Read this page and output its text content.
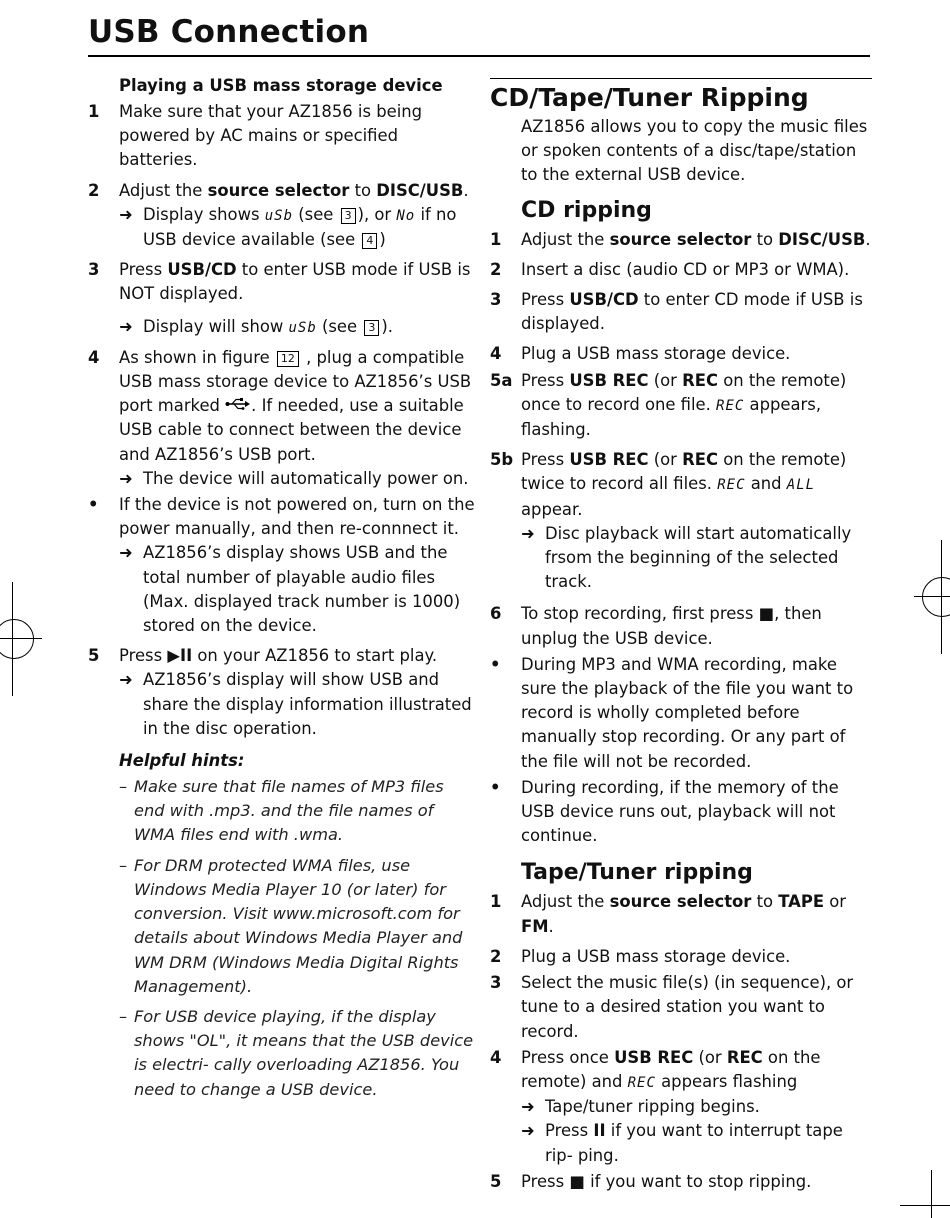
USB Connection
Playing a USB mass storage device
1	Make sure that your AZ1856 is being powered by AC mains or specified batteries.
2	Adjust the source selector to DISC/USB.
➜ Display shows uSb (see 3 ), or No if no USB device available (see 4 )
3	Press USB/CD to enter USB mode if USB is NOT displayed.
➜ Display will show uSb (see 3 ).
4	As shown in figure 12 , plug a compatible USB mass storage device to AZ1856’s USB port marked . If needed, use a suitable USB cable to connect between the device and AZ1856’s USB port.
➜ The device will automatically power on.
•	If the device is not powered on, turn on the power manually, and then re-connnect it.
➜ AZ1856’s display shows USB and the total number of playable audio files (Max. displayed track number is 1000) stored on the device.
5	Press ▶II on your AZ1856 to start play.
➜ AZ1856’s display will show USB and share the display information illustrated in the disc operation.
Helpful hints:
– Make sure that file names of MP3 files end with .mp3. and the file names of WMA files end with .wma.
– For DRM protected WMA files, use Windows Media Player 10 (or later) for conversion. Visit www.microsoft.com for details about Windows Media Player and WM DRM (Windows Media Digital Rights Management).
– For USB device playing, if the display shows "OL", it means that the USB device is electri- cally overloading AZ1856. You need to change a USB device.
CD/Tape/Tuner Ripping
AZ1856 allows you to copy the music files or spoken contents of a disc/tape/station to the external USB device.
CD ripping
1	Adjust the source selector to DISC/USB.
2	Insert a disc (audio CD or MP3 or WMA).
3	Press USB/CD to enter CD mode if USB is displayed.
4	Plug a USB mass storage device.
5a Press USB REC (or REC on the remote) once to record one file. REC appears, flashing.
5b Press USB REC (or REC on the remote) twice to record all files. REC and ALL appear.
➜ Disc playback will start automatically frsom the beginning of the selected track.
6	To stop recording, first press ■, then unplug the USB device.
•	During MP3 and WMA recording, make sure the playback of the file you want to record is wholly completed before manually stop recording. Or any part of the file will not be recorded.
•	During recording, if the memory of the USB device runs out, playback will not continue.
Tape/Tuner ripping
1	Adjust the source selector to TAPE or FM.
2	Plug a USB mass storage device.
3	Select the music file(s) (in sequence), or tune to a desired station you want to record.
4	Press once USB REC (or REC on the remote) and REC appears flashing
➜ Tape/tuner ripping begins.
➜ Press II if you want to interrupt tape rip- ping.
5	Press ■ if you want to stop ripping.
